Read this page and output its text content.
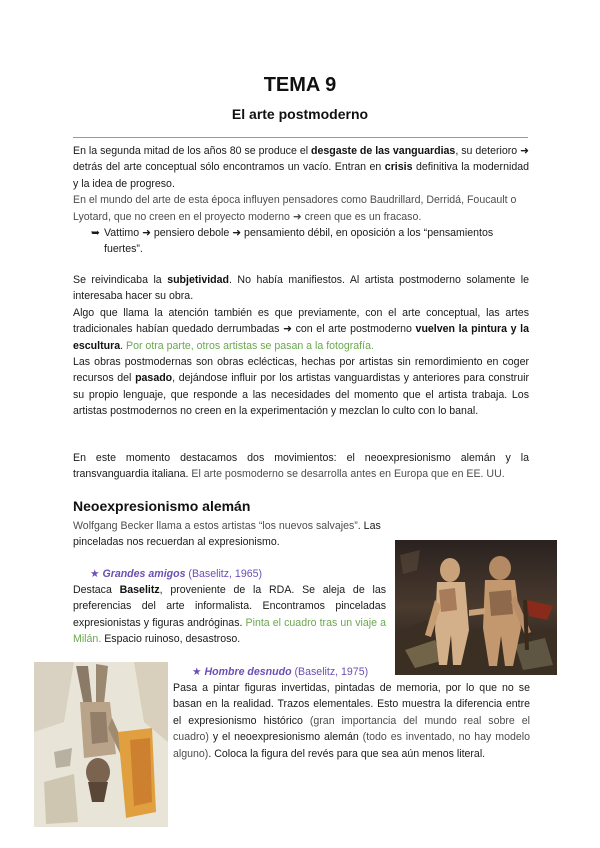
TEMA 9
El arte postmoderno

En la segunda mitad de los años 80 se produce el desgaste de las vanguardias, su deterioro ➜ detrás del arte conceptual sólo encontramos un vacío. Entran en crisis definitiva la modernidad y la idea de progreso.

En el mundo del arte de esta época influyen pensadores como Baudrillard, Derridá, Foucault o Lyotard, que no creen en el proyecto moderno ➜ creen que es un fracaso.

➥ Vattimo ➜ pensiero debole ➜ pensamiento débil, en oposición a los “pensamientos fuertes”.

Se reivindicaba la subjetividad. No había manifiestos. Al artista postmoderno solamente le interesaba hacer su obra.

Algo que llama la atención también es que previamente, con el arte conceptual, las artes tradicionales habían quedado derrumbadas ➜ con el arte postmoderno vuelven la pintura y la escultura. Por otra parte, otros artistas se pasan a la fotografía.

Las obras postmodernas son obras eclécticas, hechas por artistas sin remordimiento en coger recursos del pasado, dejándose influir por los artistas vanguardistas y anteriores para construir su propio lenguaje, que responde a las necesidades del momento que el artista trabaja. Los artistas postmodernos no creen en la experimentación y mezclan lo culto con lo banal.

En este momento destacamos dos movimientos: el neoexpresionismo alemán y la transvanguardia italiana. El arte posmoderno se desarrolla antes en Europa que en EE. UU.

Neoexpresionismo alemán

Wolfgang Becker llama a estos artistas “los nuevos salvajes”. Las pinceladas nos recuerdan al expresionismo.

★ Grandes amigos (Baselitz, 1965)

Destaca Baselitz, proveniente de la RDA. Se aleja de las preferencias del arte informalista. Encontramos pinceladas expresionistas y figuras andróginas. Pinta el cuadro tras un viaje a Milán. Espacio ruinoso, desastroso.

★ Hombre desnudo (Baselitz, 1975)

Pasa a pintar figuras invertidas, pintadas de memoria, por lo que no se basan en la realidad. Trazos elementales. Esto muestra la diferencia entre el expresionismo histórico (gran importancia del mundo real sobre el cuadro) y el neoexpresionismo alemán (todo es inventado, no hay modelo alguno). Coloca la figura del revés para que sea aún menos literal.
